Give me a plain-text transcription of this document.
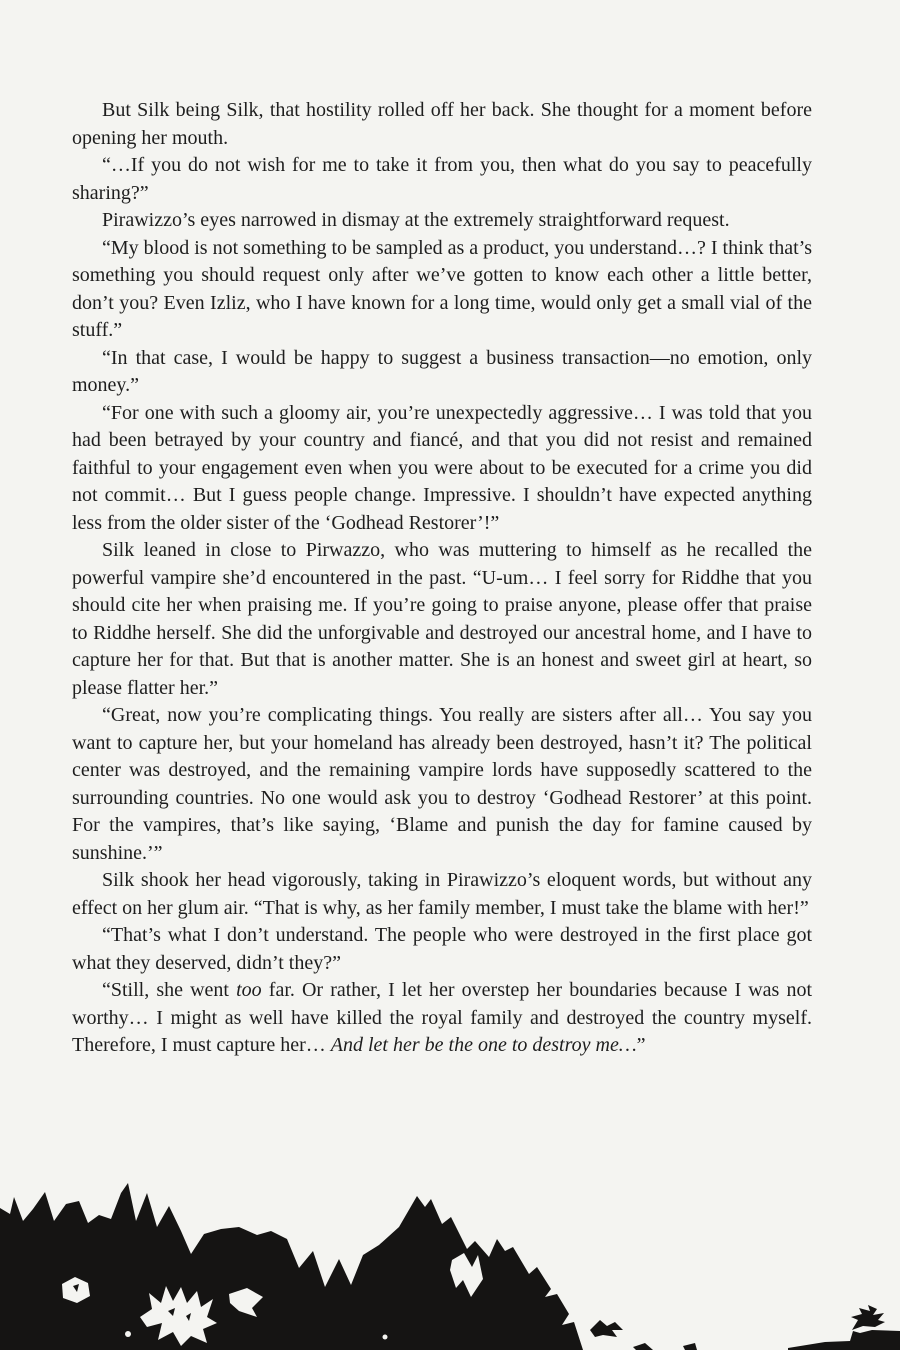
But Silk being Silk, that hostility rolled off her back. She thought for a moment before opening her mouth.

“…If you do not wish for me to take it from you, then what do you say to peacefully sharing?”

Pirawizzo’s eyes narrowed in dismay at the extremely straightforward request.

“My blood is not something to be sampled as a product, you understand…? I think that’s something you should request only after we’ve gotten to know each other a little better, don’t you? Even Izliz, who I have known for a long time, would only get a small vial of the stuff.”

“In that case, I would be happy to suggest a business transaction—no emotion, only money.”

“For one with such a gloomy air, you’re unexpectedly aggressive… I was told that you had been betrayed by your country and fiancé, and that you did not resist and remained faithful to your engagement even when you were about to be executed for a crime you did not commit… But I guess people change. Impressive. I shouldn’t have expected anything less from the older sister of the ‘Godhead Restorer’!”

Silk leaned in close to Pirwazzo, who was muttering to himself as he recalled the powerful vampire she’d encountered in the past. “U-um… I feel sorry for Riddhe that you should cite her when praising me. If you’re going to praise anyone, please offer that praise to Riddhe herself. She did the unforgivable and destroyed our ancestral home, and I have to capture her for that. But that is another matter. She is an honest and sweet girl at heart, so please flatter her.”

“Great, now you’re complicating things. You really are sisters after all… You say you want to capture her, but your homeland has already been destroyed, hasn’t it? The political center was destroyed, and the remaining vampire lords have supposedly scattered to the surrounding countries. No one would ask you to destroy ‘Godhead Restorer’ at this point. For the vampires, that’s like saying, ‘Blame and punish the day for famine caused by sunshine.’”

Silk shook her head vigorously, taking in Pirawizzo’s eloquent words, but without any effect on her glum air. “That is why, as her family member, I must take the blame with her!”

“That’s what I don’t understand. The people who were destroyed in the first place got what they deserved, didn’t they?”

“Still, she went too far. Or rather, I let her overstep her boundaries because I was not worthy… I might as well have killed the royal family and destroyed the country myself. Therefore, I must capture her… And let her be the one to destroy me…”
